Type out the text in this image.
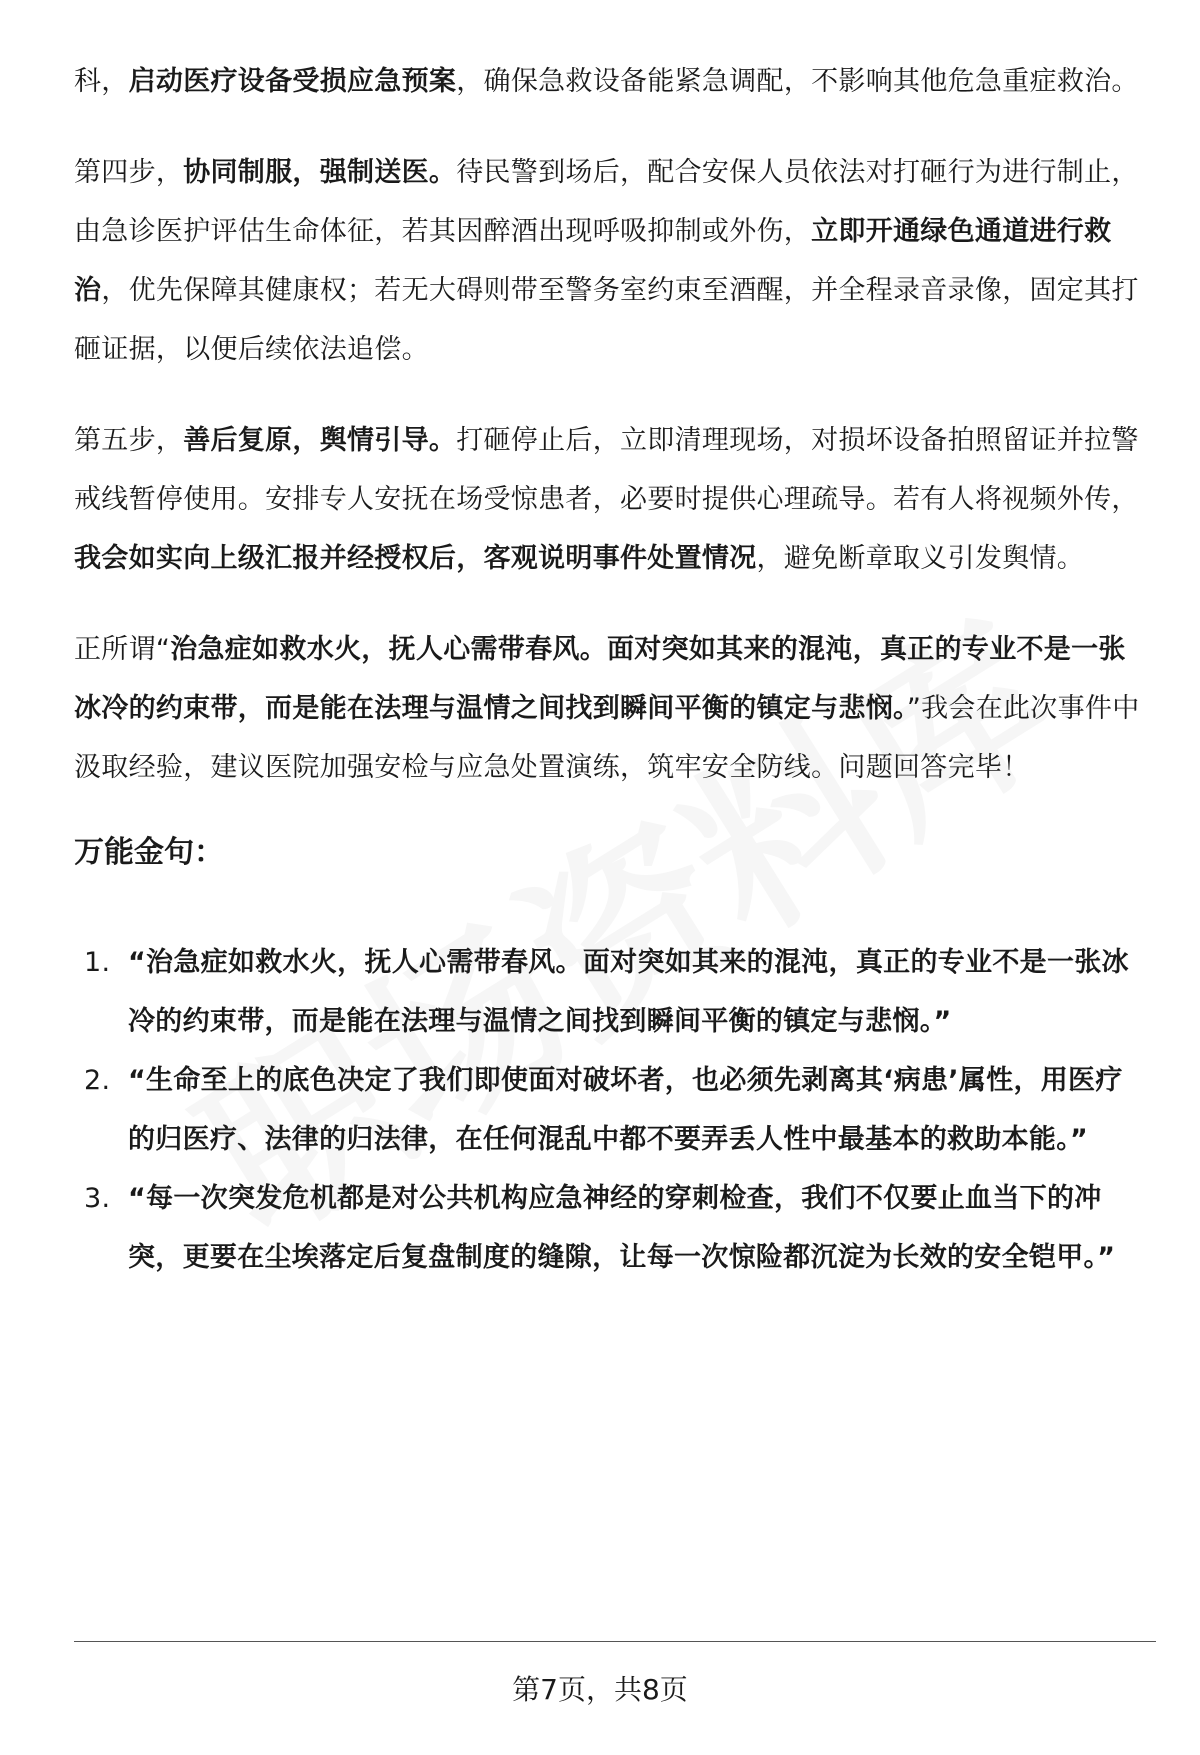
科，启动医疗设备受损应急预案，确保急救设备能紧急调配，不影响其他危急重症救治。

第四步，协同制服，强制送医。待民警到场后，配合安保人员依法对打砸行为进行制止，由急诊医护评估生命体征，若其因醉酒出现呼吸抑制或外伤，立即开通绿色通道进行救治，优先保障其健康权；若无大碍则带至警务室约束至酒醒，并全程录音录像，固定其打砸证据，以便后续依法追偿。

第五步，善后复原，舆情引导。打砸停止后，立即清理现场，对损坏设备拍照留证并拉警戒线暂停使用。安排专人安抚在场受惊患者，必要时提供心理疏导。若有人将视频外传，我会如实向上级汇报并经授权后，客观说明事件处置情况，避免断章取义引发舆情。

正所谓“治急症如救水火，抚人心需带春风。面对突如其来的混沌，真正的专业不是一张冰冷的约束带，而是能在法理与温情之间找到瞬间平衡的镇定与悲悯。”我会在此次事件中汲取经验，建议医院加强安检与应急处置演练，筑牢安全防线。问题回答完毕！

万能金句：
1. “治急症如救水火，抚人心需带春风。面对突如其来的混沌，真正的专业不是一张冰冷的约束带，而是能在法理与温情之间找到瞬间平衡的镇定与悲悯。”
2. “生命至上的底色决定了我们即使面对破坏者，也必须先剥离其‘病患’属性，用医疗的归医疗、法律的归法律，在任何混乱中都不要弄丢人性中最基本的救助本能。”
3. “每一次突发危机都是对公共机构应急神经的穿刺检查，我们不仅要止血当下的冲突，更要在尘埃落定后复盘制度的缝隙，让每一次惊险都沉淀为长效的安全铠甲。”
第7页，共8页
